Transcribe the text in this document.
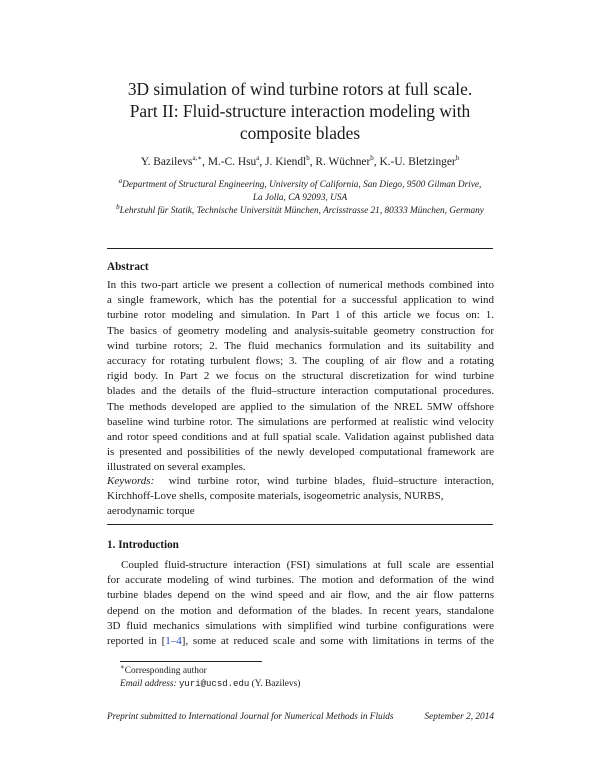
3D simulation of wind turbine rotors at full scale.
Part II: Fluid-structure interaction modeling with
composite blades
Y. Bazilevs$^{a,∗}$, M.-C. Hsu$^a$, J. Kiendl$^b$, R. Wüchner$^b$, K.-U. Bletzinger$^b$
$^a$Department of Structural Engineering, University of California, San Diego, 9500 Gilman Drive,
La Jolla, CA 92093, USA
$^b$Lehrstuhl für Statik, Technische Universität München, Arcisstrasse 21, 80333 München, Germany
Abstract
In this two-part article we present a collection of numerical methods combined into
a single framework, which has the potential for a successful application to wind
turbine rotor modeling and simulation. In Part 1 of this article we focus on: 1.
The basics of geometry modeling and analysis-suitable geometry construction for
wind turbine rotors; 2. The fluid mechanics formulation and its suitability and
accuracy for rotating turbulent flows; 3. The coupling of air flow and a rotating
rigid body. In Part 2 we focus on the structural discretization for wind turbine
blades and the details of the fluid–structure interaction computational procedures.
The methods developed are applied to the simulation of the NREL 5MW offshore
baseline wind turbine rotor. The simulations are performed at realistic wind velocity
and rotor speed conditions and at full spatial scale. Validation against published data
is presented and possibilities of the newly developed computational framework are
illustrated on several examples.
Keywords: wind turbine rotor, wind turbine blades, fluid–structure interaction,
Kirchhoff-Love shells, composite materials, isogeometric analysis, NURBS,
aerodynamic torque
1. Introduction
Coupled fluid-structure interaction (FSI) simulations at full scale are essential
for accurate modeling of wind turbines. The motion and deformation of the wind
turbine blades depend on the wind speed and air flow, and the air flow patterns
depend on the motion and deformation of the blades. In recent years, standalone
3D fluid mechanics simulations with simplified wind turbine configurations were
reported in [1–4], some at reduced scale and some with limitations in terms of the
∗Corresponding author
Email address: yuri@ucsd.edu (Y. Bazilevs)
Preprint submitted to International Journal for Numerical Methods in Fluids	September 2, 2014
